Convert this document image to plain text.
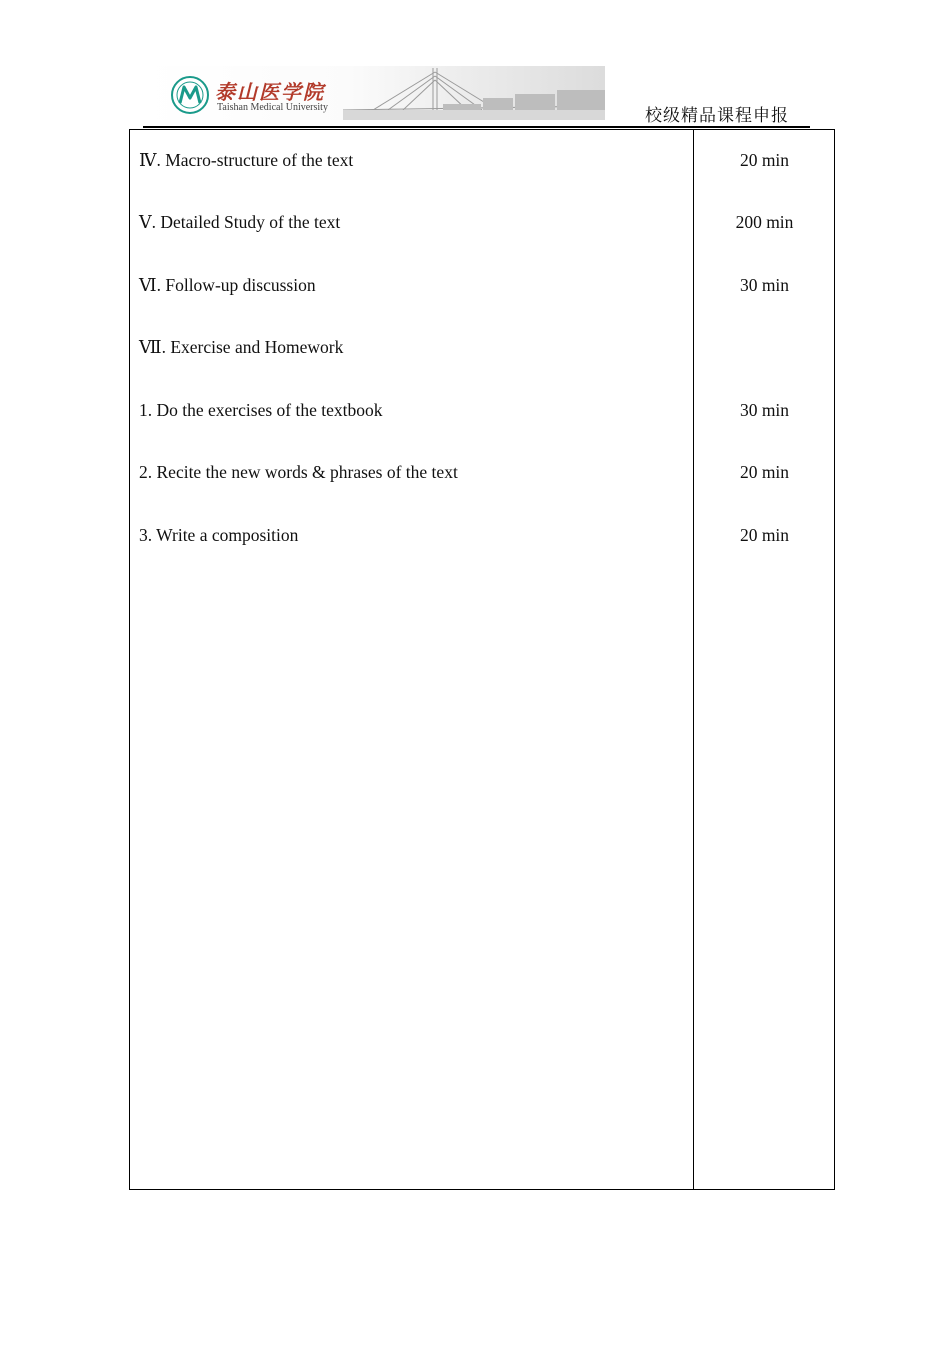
泰山医学院
Taishan Medical University	校级精品课程申报
Ⅳ. Macro-structure of the text	20 min
Ⅴ. Detailed Study of the text	200 min
Ⅵ. Follow-up discussion	30 min
Ⅶ. Exercise and Homework
1. Do the exercises of the textbook	30 min
2. Recite the new words & phrases of the text	20 min
3. Write a composition	20 min
